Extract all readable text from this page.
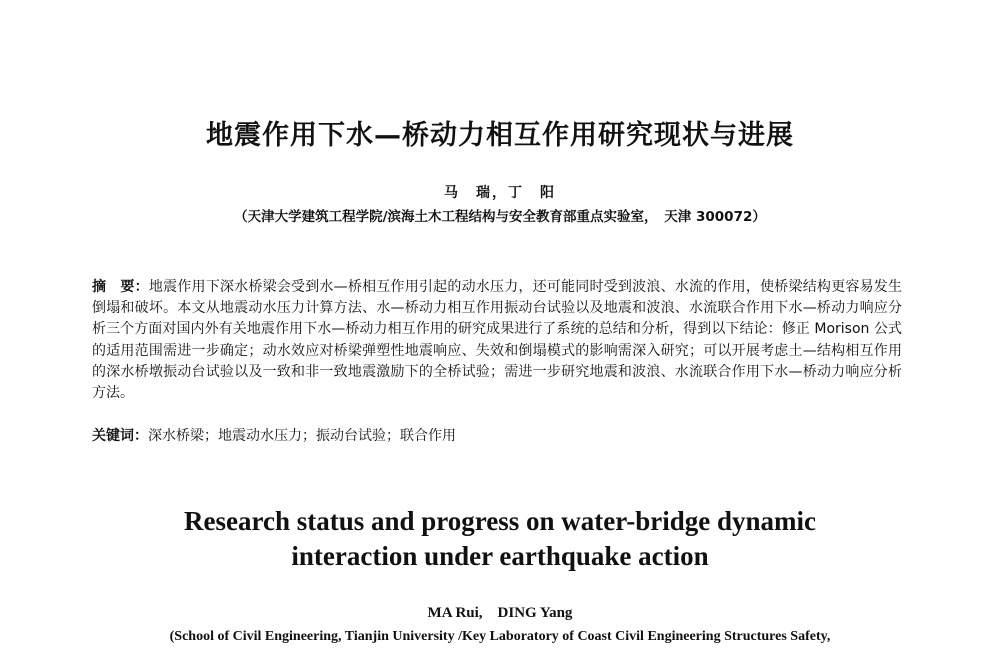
地震作用下水—桥动力相互作用研究现状与进展
马　瑞，丁　阳
（天津大学建筑工程学院/滨海土木工程结构与安全教育部重点实验室，　天津 300072）
摘　要：地震作用下深水桥梁会受到水—桥相互作用引起的动水压力，还可能同时受到波浪、水流的作用，使桥梁结构更容易发生倒塌和破坏。本文从地震动水压力计算方法、水—桥动力相互作用振动台试验以及地震和波浪、水流联合作用下水—桥动力响应分析三个方面对国内外有关地震作用下水—桥动力相互作用的研究成果进行了系统的总结和分析，得到以下结论：修正 Morison 公式的适用范围需进一步确定；动水效应对桥梁弹塑性地震响应、失效和倒塌模式的影响需深入研究；可以开展考虑土—结构相互作用的深水桥墩振动台试验以及一致和非一致地震激励下的全桥试验；需进一步研究地震和波浪、水流联合作用下水—桥动力响应分析方法。
关键词：深水桥梁；地震动水压力；振动台试验；联合作用
Research status and progress on water-bridge dynamic
interaction under earthquake action
MA Rui,　DING Yang
(School of Civil Engineering, Tianjin University /Key Laboratory of Coast Civil Engineering Structures Safety,
